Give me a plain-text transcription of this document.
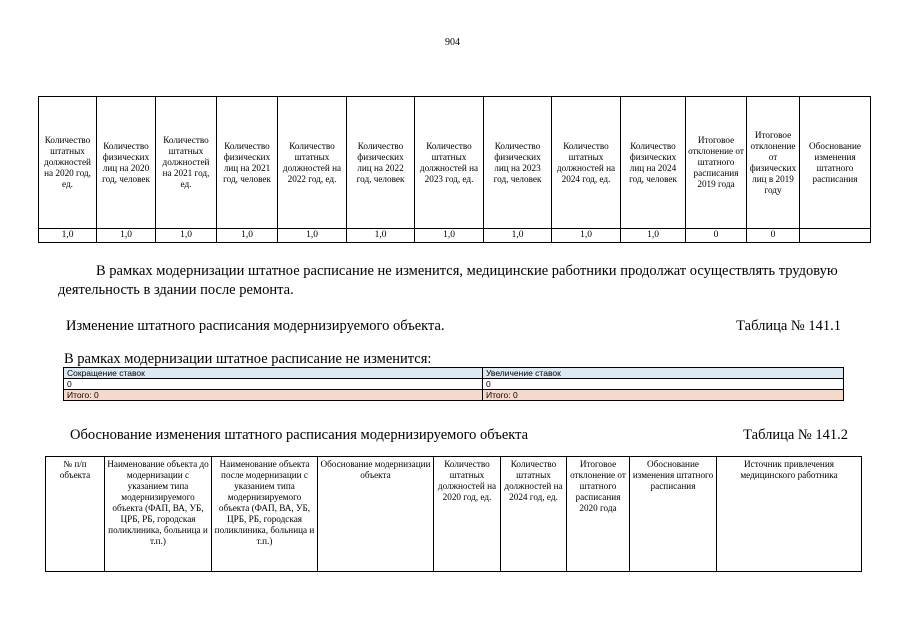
904
Количество штатных должностей на 2020 год, ед.	Количество физических лиц на 2020 год, человек	Количество штатных должностей на 2021 год, ед.	Количество физических лиц на 2021 год, человек	Количество штатных должностей на 2022 год, ед.	Количество физических лиц на 2022 год, человек	Количество штатных должностей на 2023 год, ед.	Количество физических лиц на 2023 год, человек	Количество штатных должностей на 2024 год, ед.	Количество физических лиц на 2024 год, человек	Итоговое отклонение от штатного расписания 2019 года	Итоговое отклонение от физических лиц в 2019 году	Обоснование изменения штатного расписания
1,0	1,0	1,0	1,0	1,0	1,0	1,0	1,0	1,0	1,0	0	0	
В рамках модернизации штатное расписание не изменится, медицинские работники продолжат осуществлять трудовую деятельность в здании после ремонта.
Изменение штатного расписания модернизируемого объекта.	Таблица № 141.1
В рамках модернизации штатное расписание не изменится:
Сокращение ставок	Увеличение ставок
0	0
Итого: 0	Итого: 0
Обоснование изменения штатного расписания модернизируемого объекта	Таблица № 141.2
№ п/п объекта	Наименование объекта до модернизации с указанием типа модернизируемого объекта (ФАП, ВА, УБ, ЦРБ, РБ, городская поликлиника, больница и т.п.)	Наименование объекта после модернизации с указанием типа модернизируемого объекта (ФАП, ВА, УБ, ЦРБ, РБ, городская поликлиника, больница и т.п.)	Обоснование модернизации объекта	Количество штатных должностей на 2020 год, ед.	Количество штатных должностей на 2024 год, ед.	Итоговое отклонение от штатного расписания 2020 года	Обоснование изменения штатного расписания	Источник привлечения медицинского работника
